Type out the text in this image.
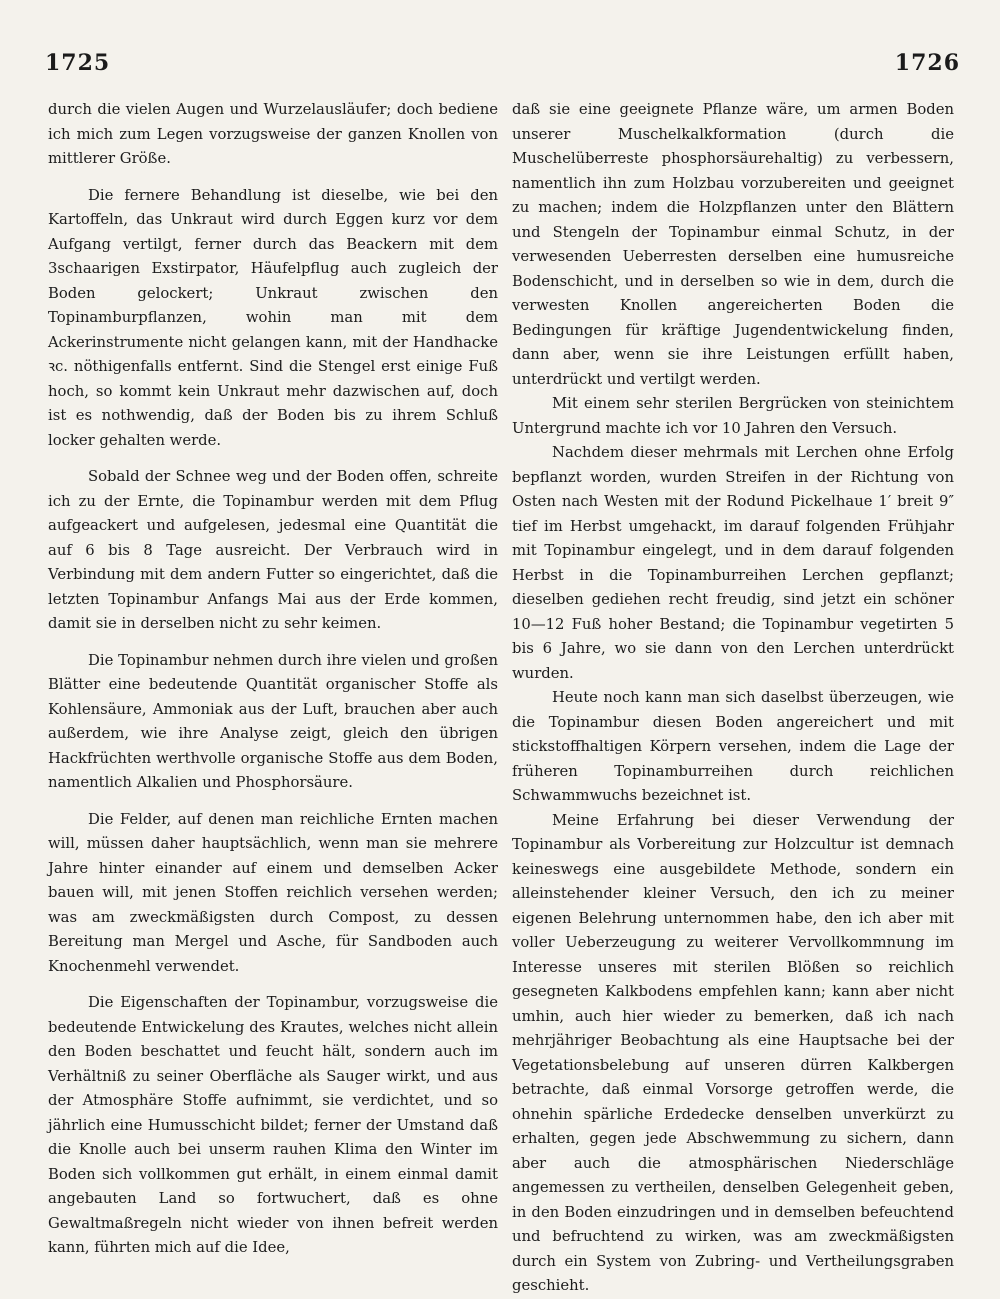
1725	1726

durch die vielen Augen und Wurzelausläufer; doch bediene ich mich zum Legen vorzugsweise der ganzen Knollen von mittlerer Größe.

Die fernere Behandlung ist dieselbe, wie bei den Kartoffeln, das Unkraut wird durch Eggen kurz vor dem Aufgang vertilgt, ferner durch das Beackern mit dem 3schaarigen Exstirpator, Häufelpflug auch zugleich der Boden gelockert; Unkraut zwischen den Topinamburpflanzen, wohin man mit dem Ackerinstrumente nicht gelangen kann, mit der Handhacke ꝛc. nöthigenfalls entfernt. Sind die Stengel erst einige Fuß hoch, so kommt kein Unkraut mehr dazwischen auf, doch ist es nothwendig, daß der Boden bis zu ihrem Schluß locker gehalten werde.

Sobald der Schnee weg und der Boden offen, schreite ich zu der Ernte, die Topinambur werden mit dem Pflug aufgeackert und aufgelesen, jedesmal eine Quantität die auf 6 bis 8 Tage ausreicht. Der Verbrauch wird in Verbindung mit dem andern Futter so eingerichtet, daß die letzten Topinambur Anfangs Mai aus der Erde kommen, damit sie in derselben nicht zu sehr keimen.

Die Topinambur nehmen durch ihre vielen und großen Blätter eine bedeutende Quantität organischer Stoffe als Kohlensäure, Ammoniak aus der Luft, brauchen aber auch außerdem, wie ihre Analyse zeigt, gleich den übrigen Hackfrüchten werthvolle organische Stoffe aus dem Boden, namentlich Alkalien und Phosphorsäure.

Die Felder, auf denen man reichliche Ernten machen will, müssen daher hauptsächlich, wenn man sie mehrere Jahre hinter einander auf einem und demselben Acker bauen will, mit jenen Stoffen reichlich versehen werden; was am zweckmäßigsten durch Compost, zu dessen Bereitung man Mergel und Asche, für Sandboden auch Knochenmehl verwendet.

Die Eigenschaften der Topinambur, vorzugsweise die bedeutende Entwickelung des Krautes, welches nicht allein den Boden beschattet und feucht hält, sondern auch im Verhältniß zu seiner Oberfläche als Sauger wirkt, und aus der Atmosphäre Stoffe aufnimmt, sie verdichtet, und so jährlich eine Humusschicht bildet; ferner der Umstand daß die Knolle auch bei unserm rauhen Klima den Winter im Boden sich vollkommen gut erhält, in einem einmal damit angebauten Land so fortwuchert, daß es ohne Gewaltmaßregeln nicht wieder von ihnen befreit werden kann, führten mich auf die Idee,

daß sie eine geeignete Pflanze wäre, um armen Boden unserer Muschelkalkformation (durch die Muschelüberreste phosphorsäurehaltig) zu verbessern, namentlich ihn zum Holzbau vorzubereiten und geeignet zu machen; indem die Holzpflanzen unter den Blättern und Stengeln der Topinambur einmal Schutz, in der verwesenden Ueberresten derselben eine humusreiche Bodenschicht, und in derselben so wie in dem, durch die verwesten Knollen angereicherten Boden die Bedingungen für kräftige Jugendentwickelung finden, dann aber, wenn sie ihre Leistungen erfüllt haben, unterdrückt und vertilgt werden.

Mit einem sehr sterilen Bergrücken von steinichtem Untergrund machte ich vor 10 Jahren den Versuch.

Nachdem dieser mehrmals mit Lerchen ohne Erfolg bepflanzt worden, wurden Streifen in der Richtung von Osten nach Westen mit der Rodund Pickelhaue 1′ breit 9″ tief im Herbst umgehackt, im darauf folgenden Frühjahr mit Topinambur eingelegt, und in dem darauf folgenden Herbst in die Topinamburreihen Lerchen gepflanzt; dieselben gediehen recht freudig, sind jetzt ein schöner 10—12 Fuß hoher Bestand; die Topinambur vegetirten 5 bis 6 Jahre, wo sie dann von den Lerchen unterdrückt wurden.

Heute noch kann man sich daselbst überzeugen, wie die Topinambur diesen Boden angereichert und mit stickstoffhaltigen Körpern versehen, indem die Lage der früheren Topinamburreihen durch reichlichen Schwammwuchs bezeichnet ist.

Meine Erfahrung bei dieser Verwendung der Topinambur als Vorbereitung zur Holzcultur ist demnach keineswegs eine ausgebildete Methode, sondern ein alleinstehender kleiner Versuch, den ich zu meiner eigenen Belehrung unternommen habe, den ich aber mit voller Ueberzeugung zu weiterer Vervollkommnung im Interesse unseres mit sterilen Blößen so reichlich gesegneten Kalkbodens empfehlen kann; kann aber nicht umhin, auch hier wieder zu bemerken, daß ich nach mehrjähriger Beobachtung als eine Hauptsache bei der Vegetationsbelebung auf unseren dürren Kalkbergen betrachte, daß einmal Vorsorge getroffen werde, die ohnehin spärliche Erdedecke denselben unverkürzt zu erhalten, gegen jede Abschwemmung zu sichern, dann aber auch die atmosphärischen Niederschläge angemessen zu vertheilen, denselben Gelegenheit geben, in den Boden einzudringen und in demselben befeuchtend und befruchtend zu wirken, was am zweckmäßigsten durch ein System von Zubring- und Vertheilungsgraben geschieht.
